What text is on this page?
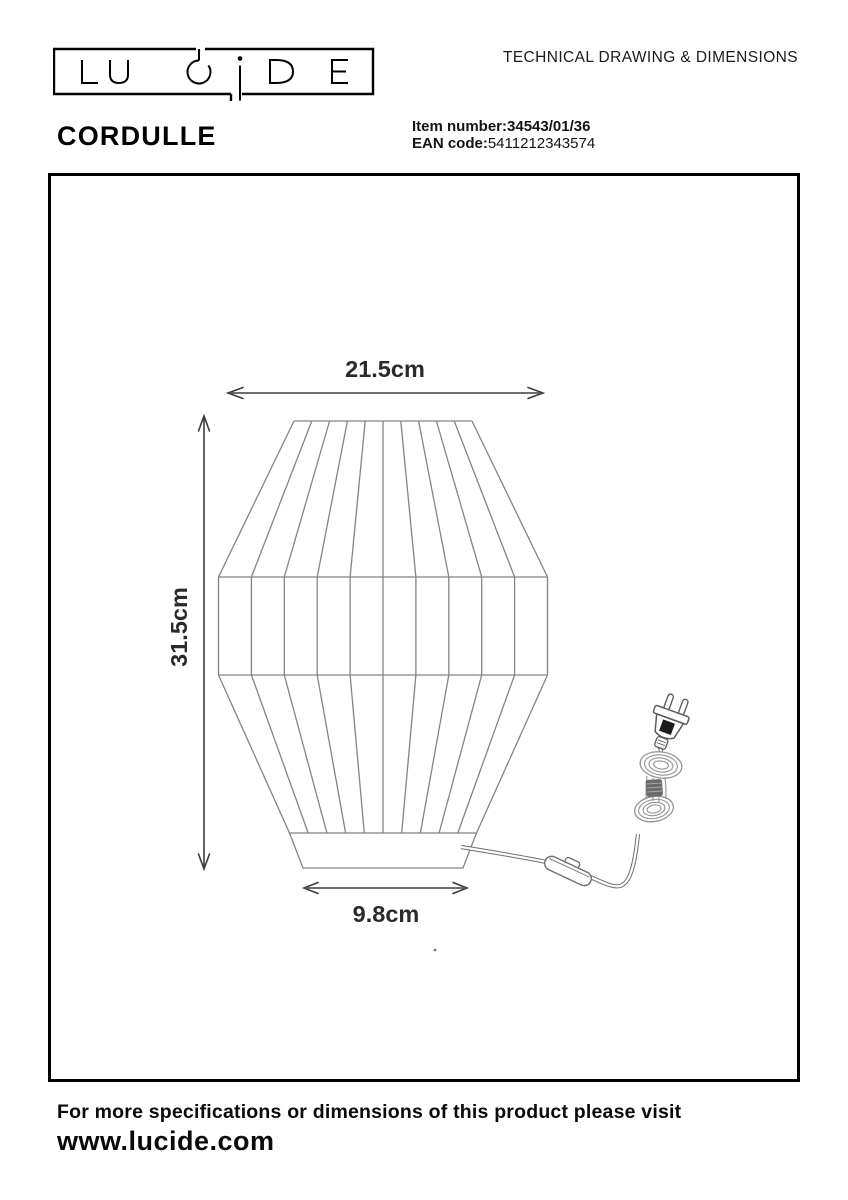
TECHNICAL DRAWING & DIMENSIONS
CORDULLE	Item number:34543/01/36
EAN code:5411212343574
21.5cm
31.5cm
9.8cm
For more specifications or dimensions of this product please visit
www.lucide.com
